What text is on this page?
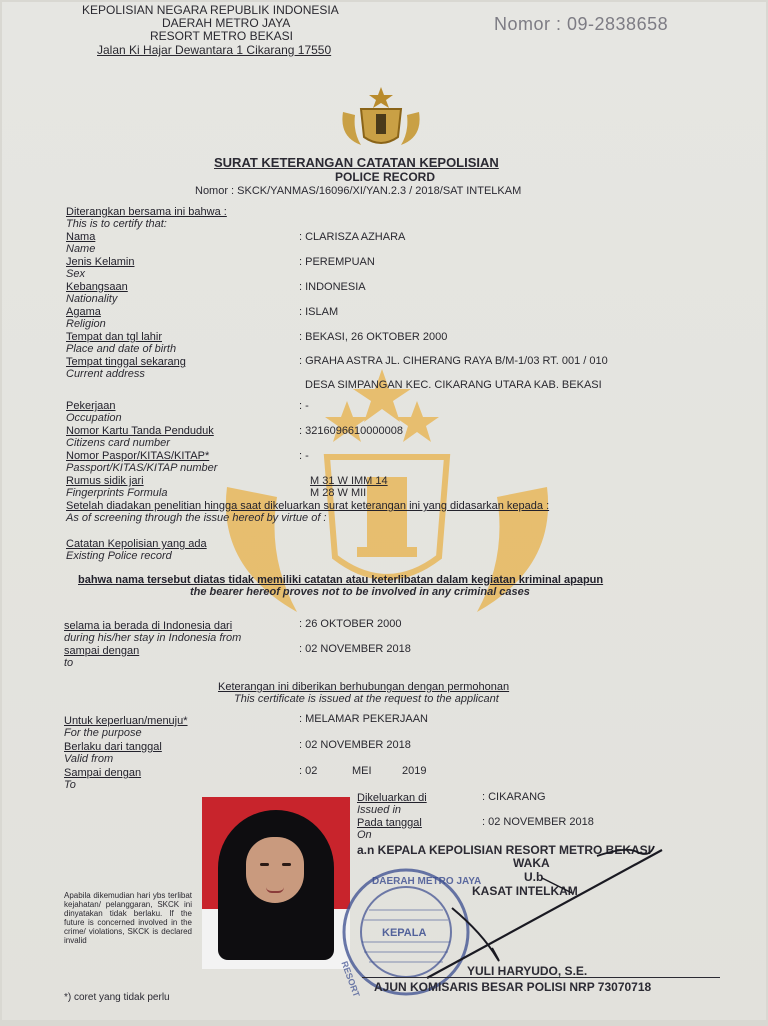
KEPOLISIAN NEGARA REPUBLIK INDONESIA
DAERAH METRO JAYA
RESORT METRO BEKASI
Jalan Ki Hajar Dewantara 1 Cikarang 17550
Nomor : 09-2838658
SURAT KETERANGAN CATATAN KEPOLISIAN
POLICE RECORD
Nomor : SKCK/YANMAS/16096/XI/YAN.2.3 / 2018/SAT INTELKAM
Diterangkan bersama ini bahwa :
This is to certify that:
Nama
Name
: CLARISZA AZHARA
Jenis Kelamin
Sex
: PEREMPUAN
Kebangsaan
Nationality
: INDONESIA
Agama
Religion
: ISLAM
Tempat dan tgl lahir
Place and date of birth
: BEKASI, 26 OKTOBER 2000
Tempat tinggal sekarang
Current address
: GRAHA ASTRA JL. CIHERANG RAYA B/M-1/03 RT. 001 / 010
DESA SIMPANGAN KEC. CIKARANG UTARA KAB. BEKASI
Pekerjaan
Occupation
: -
Nomor Kartu Tanda Penduduk
Citizens card number
: 3216096610000008
Nomor Paspor/KITAS/KITAP*
Passport/KITAS/KITAP number
: -
Rumus sidik jari
Fingerprints Formula
M 31 W IMM 14
M 28 W MII
Setelah diadakan penelitian hingga saat dikeluarkan surat keterangan ini yang didasarkan kepada :
As of screening through the issue hereof by virtue of :
Catatan Kepolisian yang ada
Existing Police record
bahwa nama tersebut diatas tidak memiliki catatan atau keterlibatan dalam kegiatan kriminal apapun
the bearer hereof proves not to be involved in any criminal cases
selama ia berada di Indonesia dari
during his/her stay in Indonesia from
: 26 OKTOBER 2000
sampai dengan
to
: 02 NOVEMBER 2018
Keterangan ini diberikan berhubungan dengan permohonan
This certificate is issued at the request to the applicant
Untuk keperluan/menuju*
For the purpose
: MELAMAR PEKERJAAN
Berlaku dari tanggal
Valid from
: 02 NOVEMBER 2018
Sampai dengan
To
: 02	MEI	2019
Dikeluarkan di
Issued in
: CIKARANG
Pada tanggal
On
: 02 NOVEMBER 2018
a.n KEPALA KEPOLISIAN RESORT METRO BEKASI
WAKA
U.b
KASAT INTELKAM
DAERAH METRO JAYA
KEPALA
RESORT	YULI HARYUDO, S.E.
AJUN KOMISARIS BESAR POLISI NRP 73070718
Apabila dikemudian hari ybs terlibat kejahatan/ pelanggaran, SKCK ini dinyatakan tidak berlaku. If the future is concerned involved in the crime/ violations, SKCK is declared invalid
*) coret yang tidak perlu
